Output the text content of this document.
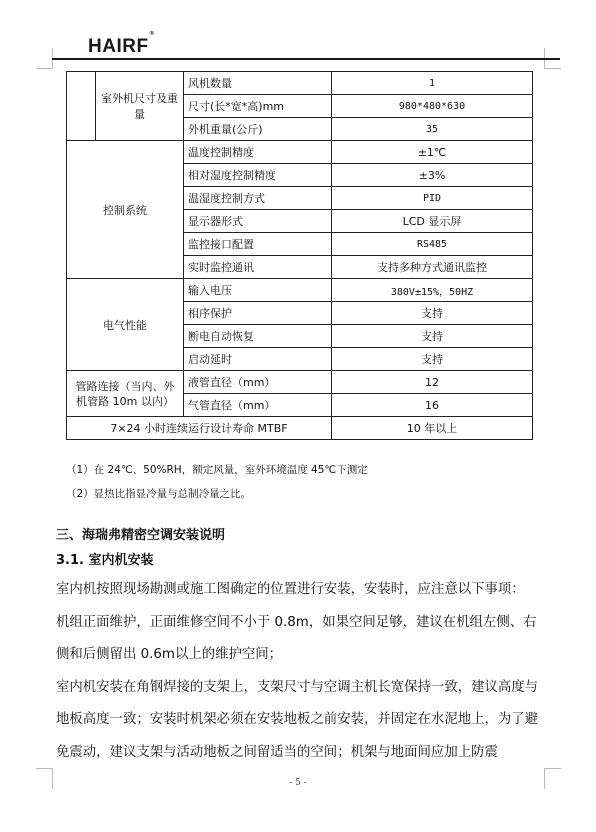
HAIRF®
	室外机尺寸及重量	风机数量	1
		尺寸(长*宽*高)mm	980*480*630
		外机重量(公斤)	35
控制系统		温度控制精度	±1℃
		相对湿度控制精度	±3%
		温湿度控制方式	PID
		显示器形式	LCD 显示屏
		监控接口配置	RS485
		实时监控通讯	支持多种方式通讯监控
电气性能		输入电压	380V±15%，50HZ
		相序保护	支持
		断电自动恢复	支持
		启动延时	支持
管路连接（当内、外机管路 10m 以内）		液管直径（mm）	12
		气管直径（mm）	16
7×24 小时连续运行设计寿命 MTBF			10 年以上
（1）在 24℃、50%RH，额定风量，室外环境温度 45℃下测定
（2）显热比指显冷量与总制冷量之比。
三、海瑞弗精密空调安装说明
3.1. 室内机安装

室内机按照现场勘测或施工图确定的位置进行安装，安装时，应注意以下事项：

机组正面维护，正面维修空间不小于 0.8m，如果空间足够，建议在机组左侧、右侧和后侧留出 0.6m以上的维护空间；

室内机安装在角钢焊接的支架上，支架尺寸与空调主机长宽保持一致，建议高度与地板高度一致；安装时机架必须在安装地板之前安装，并固定在水泥地上，为了避免震动，建议支架与活动地板之间留适当的空间；机架与地面间应加上防震

- 5 -
